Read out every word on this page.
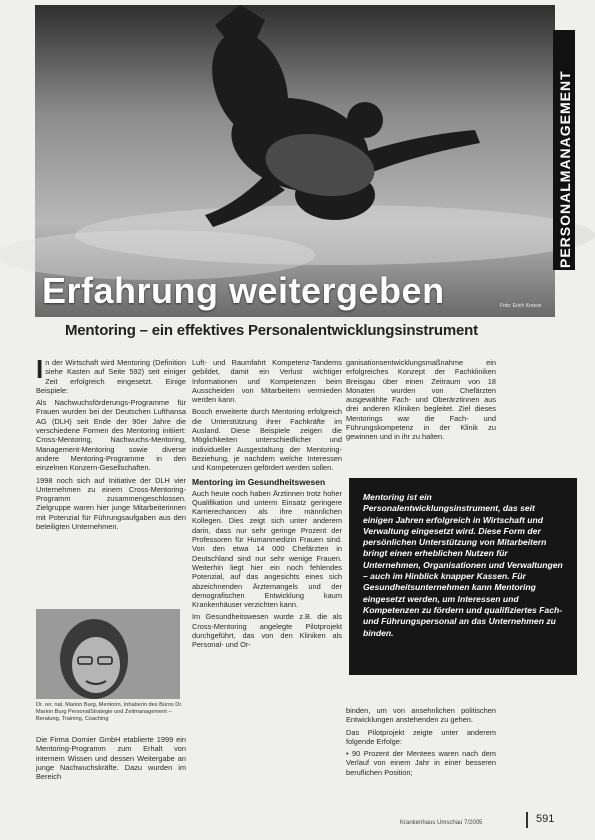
PERSONALMANAGEMENT
Erfahrung weitergeben	Foto: Erich Kroeze
Mentoring – ein effektives Personalentwicklungsinstrument

In der Wirtschaft wird Mentoring (Definition siehe Kasten auf Seite 592) seit einiger Zeit erfolgreich eingesetzt. Einige Beispiele:

Als Nachwuchsförderungs-Programme für Frauen wurden bei der Deutschen Lufthansa AG (DLH) seit Ende der 90er Jahre die verschiedene Formen des Mentoring initiiert: Cross-Mentoring, Nachwuchs-Mentoring, Management-Mentoring sowie diverse andere Mentoring-Programme in den einzelnen Konzern-Gesellschaften.

1998 noch sich auf Initiative der DLH vier Unternehmen zu einem Cross-Mentoring-Programm zusammengeschlossen. Zielgruppe waren hier junge Mitarbeiterinnen mit Potenzial für Führungsaufgaben aus den beteiligten Unternehmen.

Dr. rer. nat. Marion Burg, Mentorin, Inhaberin des Büros Dr. Marion Burg PersonalStrategie und Zeitmanagement – Beratung, Training, Coaching

Die Firma Dornier GmbH etablierte 1999 ein Mentoring-Programm zum Erhalt von internem Wissen und dessen Weitergabe an junge Nachwuchskräfte. Dazu wurden im Bereich

Luft- und Raumfahrt Kompetenz-Tandems gebildet, damit ein Verlust wichtiger Informationen und Kompetenzen beim Ausscheiden von Mitarbeitern vermieden werden kann.

Bosch erweiterte durch Mentoring erfolgreich die Unterstützung ihrer Fachkräfte im Ausland. Diese Beispiele zeigen die Möglichkeiten unterschiedlicher und individueller Ausgestaltung der Mentoring-Beziehung, je nachdem welche Interessen und Kompetenzen gefördert werden sollen.

Mentoring im Gesundheitswesen

Auch heute noch haben Ärztinnen trotz hoher Qualifikation und unterm Einsatz geringere Karrierechancen als ihre männlichen Kollegen. Dies zeigt sich unter anderem darin, dass nur sehr geringe Prozent der Professoren für Humanmedizin Frauen sind. Von den etwa 14 000 Chefärzten in Deutschland sind nur sehr wenige Frauen. Weiterhin liegt hier ein noch fehlendes Potenzial, auf das angesichts eines sich abzeichnenden Ärztemangels und der demografischen Entwicklung kaum Krankenhäuser verzichten kann.

Im Gesundheitswesen wurde z.B. die als Cross-Mentoring angelegte Pilotprojekt durchgeführt, das von den Kliniken als Personal- und Or-

ganisationsentwicklungsmaßnahme ein erfolgreiches Konzept der Fachkliniken Breisgau über einen Zeitraum von 18 Monaten wurden von Chefärzten ausgewählte Fach- und Oberärztinnen aus drei anderen Kliniken begleitet. Ziel dieses Mentorings war die Fach- und Führungskompetenz in der Klinik zu gewinnen und in ihr zu halten.

Mentoring ist ein Personalentwicklungsinstrument, das seit einigen Jahren erfolgreich in Wirtschaft und Verwaltung eingesetzt wird. Diese Form der persönlichen Unterstützung von Mitarbeitern bringt einen erheblichen Nutzen für Unternehmen, Organisationen und Verwaltungen – auch im Hinblick knapper Kassen. Für Gesundheitsunternehmen kann Mentoring eingesetzt werden, um Interessen und Kompetenzen zu fördern und qualifiziertes Fach- und Führungspersonal an das Unternehmen zu binden.

binden, um von ansehnlichen politischen Entwicklungen anstehenden zu gehen.

Das Pilotprojekt zeigte unter anderem folgende Erfolge:

• 90 Prozent der Mentees waren nach dem Verlauf von einem Jahr in einer besseren beruflichen Position;

Krankenhaus Umschau 7/2005	591
